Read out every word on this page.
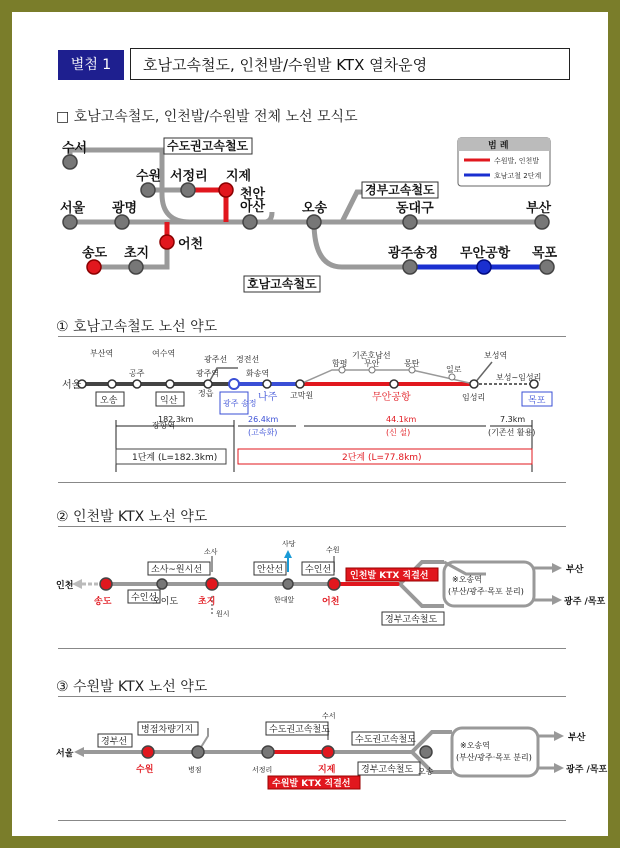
별첨 1	호남고속철도, 인천발/수원발 KTX 열차운영
□ 호남고속철도, 인천발/수원발 전체 노선 모식도
수서
수원 서정리 지제
천안
아산
서울 광명	오송	동대구	부산
송도 초지
어천
광주송정 무안공항 목포
수도권고속철도
경부고속철도
호남고속철도
범 례
수원발, 인천발
호남고철 2단계
① 호남고속철도 노선 약도
서울
부산역
오송
공주
여수역
익산
장항역
광주선 경전선
광주역	화송역
정읍
광주 송정
나주 고막원
기존호남선
함평 무안	몽탄
일로
무안공항
보성역
보성~임성리
임성리	목포
182.3km	26.4km
(고속화)
44.1km
(신 설)
7.3km
(기존선 활용)
1단계 (L=182.3km)	2단계 (L=77.8km)
② 인천발 KTX 노선 약도
인천
송도 수인선
오이도
소사~원시선
소사
초지
원시
안산선
사당
한대앞
수원
수인선
어천
인천발 KTX 직결선
경부고속철도
※오송역
(부산/광주·목포 분리)
부산
광주 /목포
③ 수원발 KTX 노선 약도
서울
경부선
병점차량기지
수원	병점	서정리
수도권고속철도
수서
지제
수원발 KTX 직결선
수도권고속철도
경부고속철도 오송
※오송역
(부산/광주·목포 분리)
부산
광주 /목포
